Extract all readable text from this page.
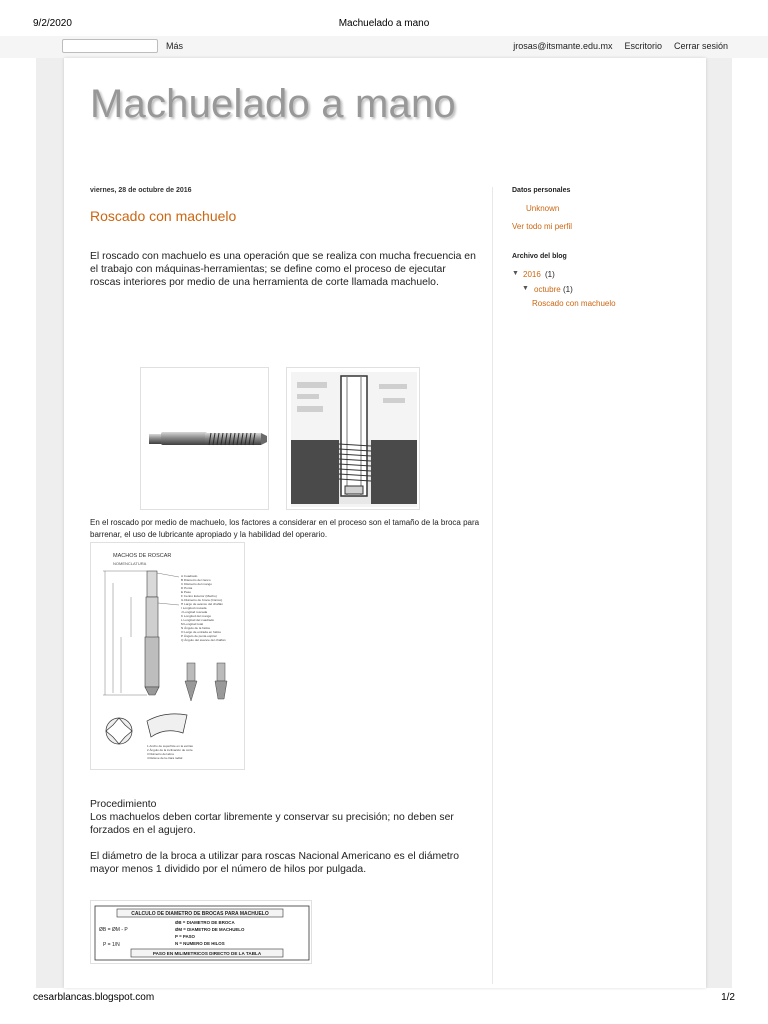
9/2/2020	Machuelado a mano
Más	jrosas@itsmante.edu.mx Escritorio Cerrar sesión
Machuelado a mano
viernes, 28 de octubre de 2016
Roscado con machuelo
El roscado con machuelo es una operación que se realiza con mucha frecuencia en el trabajo con máquinas-herramientas; se define como el proceso de ejecutar roscas interiores por medio de una herramienta de corte llamada machuelo.
En el roscado por medio de machuelo, los factores a considerar en el proceso son el tamaño de la broca para barrenar, el uso de lubricante apropiado y la habilidad del operario.
MACHOS DE ROSCAR
NOMENCLATURA
A Cuadrado
B Diámetro del zanco
C Diámetro del mango
D Punta
E Paso
F Centro Exterior (Macho)
G Diámetro de broca (Cónico)
H Largo de avance del chaflán
I Longitud roscada
J Longitud roscada
K Longitud del mango
L Longitud del cuadrado
M Longitud total
N Ángulo de la hélice
O Largo de entrada en hélice
P Ángulo de punta espiral
Q Ángulo del avance del chaflán
1 Ancho de superficie en la estrías
2 Ángulo de la inclinación de corte
3 Diámetro del alma
4 Relieve de la clara radial
Procedimiento

Los machuelos deben cortar libremente y conservar su precisión; no deben ser forzados en el agujero.

El diámetro de la broca a utilizar para roscas Nacional Americano es el diámetro mayor menos 1 dividido por el número de hilos por pulgada.

CALCULO DE DIAMETRO DE BROCAS PARA MACHUELO
ØB = ØM - P
P = 1/N
ØB = DIAMETRO DE BROCA
ØM = DIAMETRO DE MACHUELO
P = PASO
N = NUMERO DE HILOS
PASO EN MILIMETRICOS DIRECTO DE LA TABLA
Datos personales
Unknown
Ver todo mi perfil
Archivo del blog
▼ 2016 (1)
▼ octubre (1)
Roscado con machuelo
cesarblancas.blogspot.com	1/2
